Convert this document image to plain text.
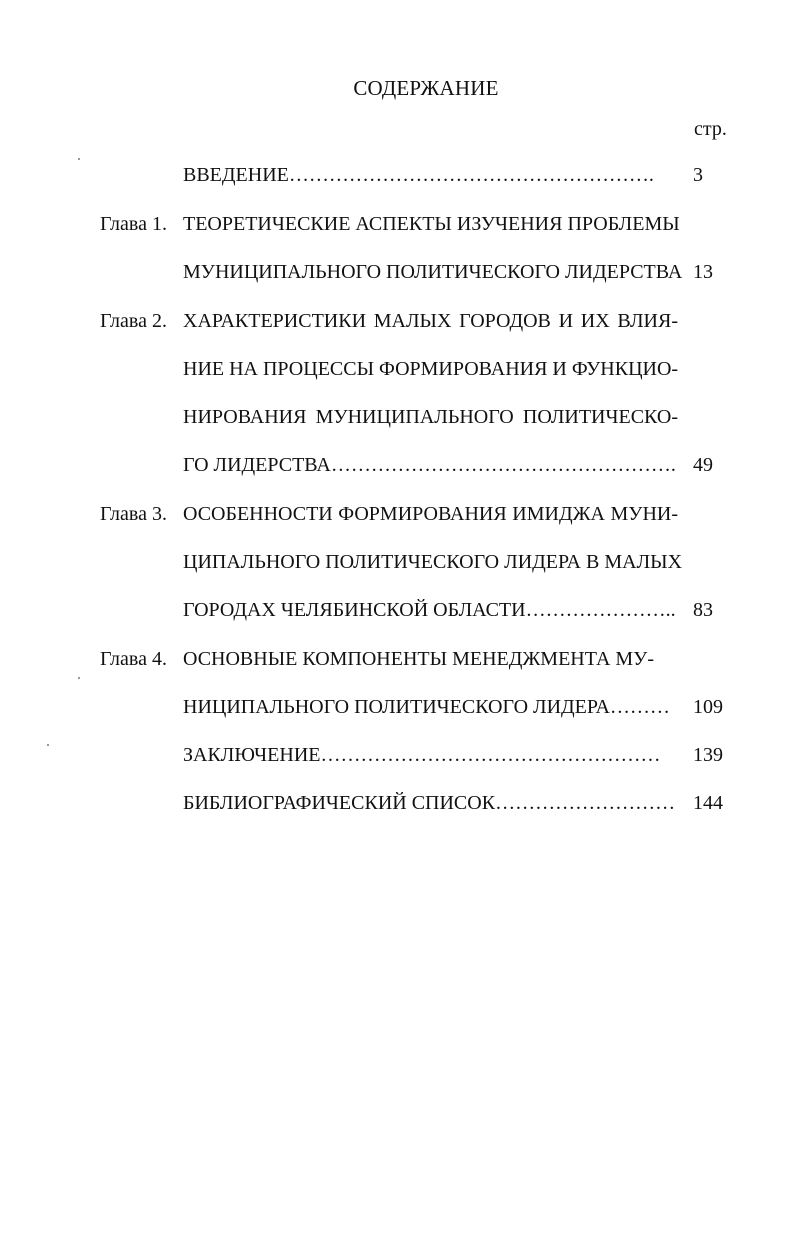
СОДЕРЖАНИЕ
стр.
ВВЕДЕНИЕ………………………………………………. 3
Глава 1. ТЕОРЕТИЧЕСКИЕ АСПЕКТЫ ИЗУЧЕНИЯ ПРОБЛЕМЫ
МУНИЦИПАЛЬНОГО ПОЛИТИЧЕСКОГО ЛИДЕРСТВА 13
Глава 2. ХАРАКТЕРИСТИКИ МАЛЫХ ГОРОДОВ И ИХ ВЛИЯ-
НИЕ НА ПРОЦЕССЫ ФОРМИРОВАНИЯ И ФУНКЦИО-
НИРОВАНИЯ МУНИЦИПАЛЬНОГО ПОЛИТИЧЕСКО-
ГО ЛИДЕРСТВА……………………………………………. 49
Глава 3. ОСОБЕННОСТИ ФОРМИРОВАНИЯ ИМИДЖА МУНИ-
ЦИПАЛЬНОГО ПОЛИТИЧЕСКОГО ЛИДЕРА В МАЛЫХ
ГОРОДАХ ЧЕЛЯБИНСКОЙ ОБЛАСТИ………………….. 83
Глава 4. ОСНОВНЫЕ КОМПОНЕНТЫ МЕНЕДЖМЕНТА МУ-
НИЦИПАЛЬНОГО ПОЛИТИЧЕСКОГО ЛИДЕРА……… 109
ЗАКЛЮЧЕНИЕ…………………………………………… 139
БИБЛИОГРАФИЧЕСКИЙ СПИСОК……………………… 144
